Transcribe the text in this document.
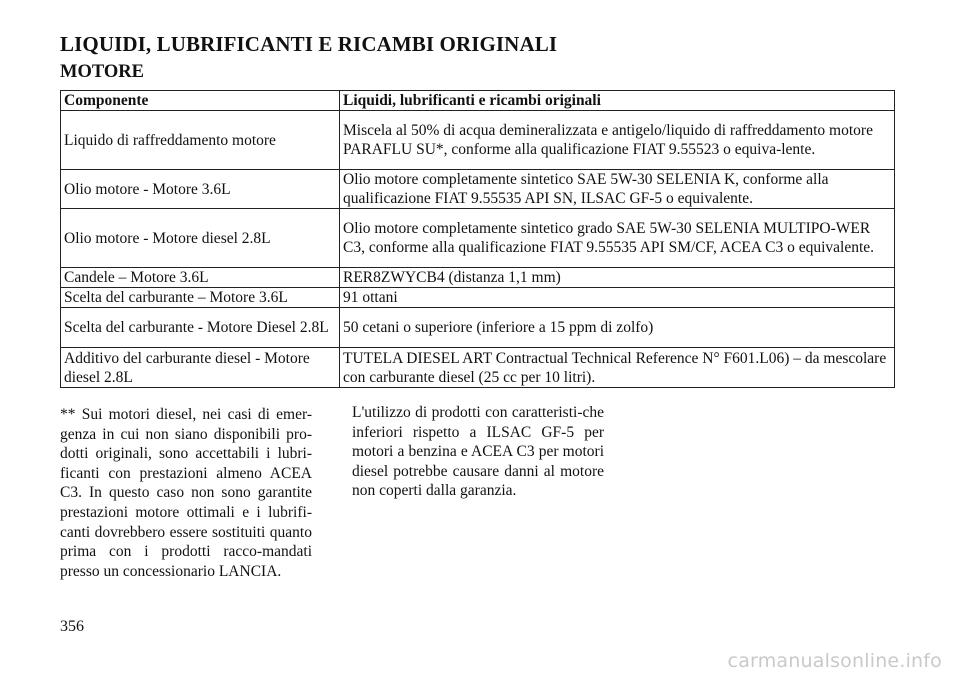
LIQUIDI, LUBRIFICANTI E RICAMBI ORIGINALI
MOTORE
Componente	Liquidi, lubrificanti e ricambi originali
Liquido di raffreddamento motore	Miscela al 50% di acqua demineralizzata e antigelo/liquido di raffreddamento motore PARAFLU SU*, conforme alla qualificazione FIAT 9.55523 o equiva-lente.
Olio motore - Motore 3.6L	Olio motore completamente sintetico SAE 5W-30 SELENIA K, conforme alla qualificazione FIAT 9.55535 API SN, ILSAC GF-5 o equivalente.
Olio motore - Motore diesel 2.8L	Olio motore completamente sintetico grado SAE 5W-30 SELENIA MULTIPO-WER C3, conforme alla qualificazione FIAT 9.55535 API SM/CF, ACEA C3 o equivalente.
Candele – Motore 3.6L	RER8ZWYCB4 (distanza 1,1 mm)
Scelta del carburante – Motore 3.6L	91 ottani
Scelta del carburante - Motore Diesel 2.8L	50 cetani o superiore (inferiore a 15 ppm di zolfo)
Additivo del carburante diesel - Motore diesel 2.8L	TUTELA DIESEL ART Contractual Technical Reference N° F601.L06) – da mescolare con carburante diesel (25 cc per 10 litri).

** Sui motori diesel, nei casi di emer-genza in cui non siano disponibili pro-dotti originali, sono accettabili i lubri-ficanti con prestazioni almeno ACEA C3. In questo caso non sono garantite prestazioni motore ottimali e i lubrifi-canti dovrebbero essere sostituiti quanto prima con i prodotti racco-mandati presso un concessionario LANCIA.

L'utilizzo di prodotti con caratteristi-che inferiori rispetto a ILSAC GF-5 per motori a benzina e ACEA C3 per motori diesel potrebbe causare danni al motore non coperti dalla garanzia.

356
carmanualsonline.info
